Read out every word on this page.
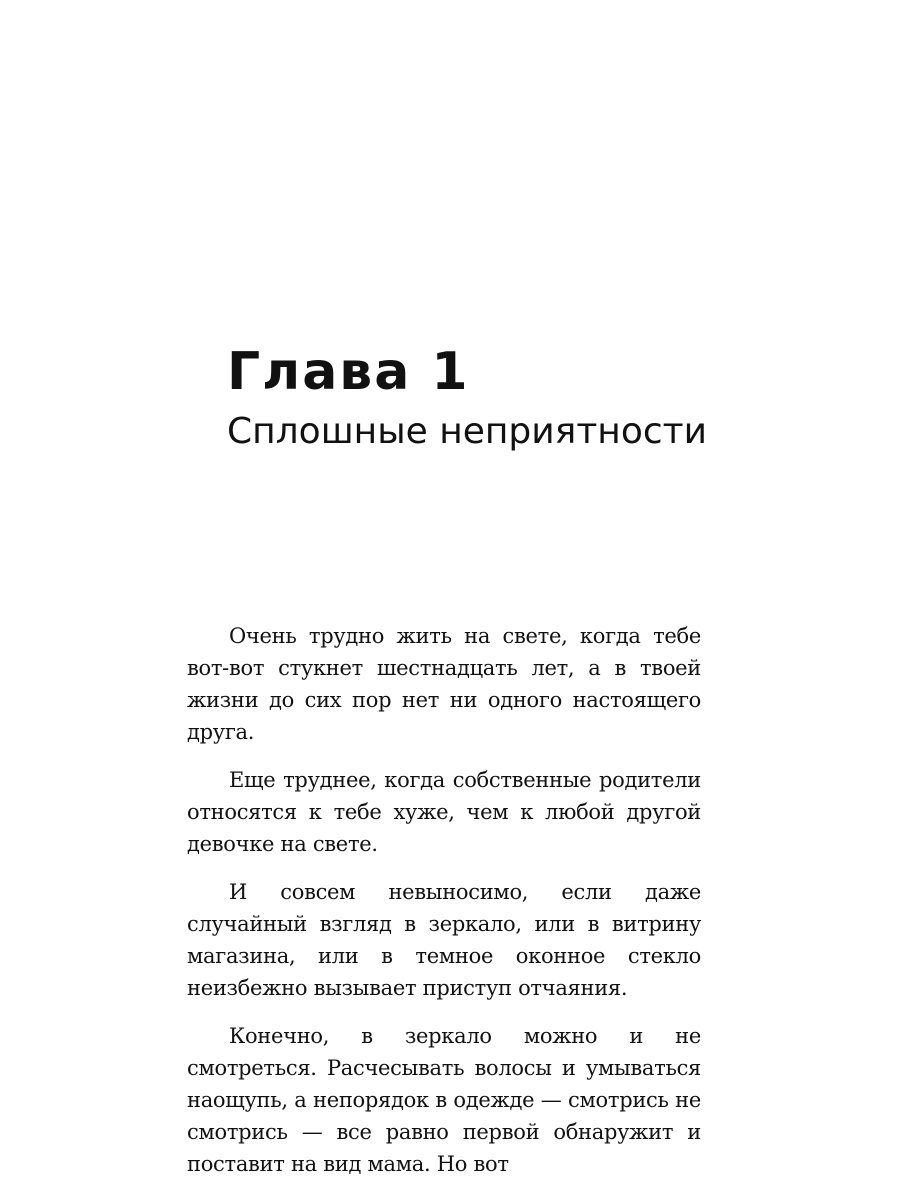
Глава 1
Сплошные неприятности

Очень трудно жить на свете, когда тебе вот-вот стукнет шестнадцать лет, а в твоей жизни до сих пор нет ни одного настоящего друга.

Еще труднее, когда собственные родители относятся к тебе хуже, чем к любой другой девочке на свете.

И совсем невыносимо, если даже случайный взгляд в зеркало, или в витрину магазина, или в темное оконное стекло неизбежно вызывает приступ отчаяния.

Конечно, в зеркало можно и не смотреться. Расчесывать волосы и умываться наощупь, а непорядок в одежде — смотрись не смотрись — все равно первой обнаружит и поставит на вид мама. Но вот
